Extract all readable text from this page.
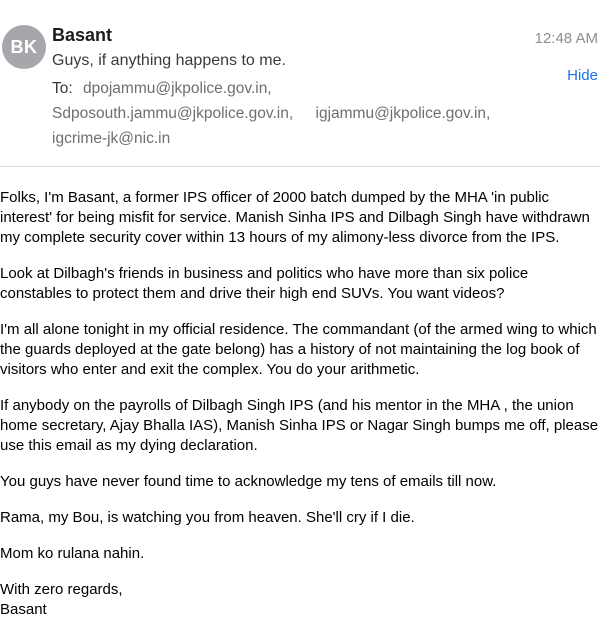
BK
Basant	12:48 AM
Guys, if anything happens to me.
Hide
To: dpojammu@jkpolice.gov.in,
Sdposouth.jammu@jkpolice.gov.in, igjammu@jkpolice.gov.in,
igcrime-jk@nic.in

Folks, I'm Basant, a former IPS officer of 2000 batch dumped by the MHA 'in public interest' for being misfit for service. Manish Sinha IPS and Dilbagh Singh have withdrawn my complete security cover within 13 hours of my alimony-less divorce from the IPS.

Look at Dilbagh's friends in business and politics who have more than six police constables to protect them and drive their high end SUVs. You want videos?

I'm all alone tonight in my official residence. The commandant (of the armed wing to which the guards deployed at the gate belong) has a history of not maintaining the log book of visitors who enter and exit the complex. You do your arithmetic.

If anybody on the payrolls of Dilbagh Singh IPS (and his mentor in the MHA , the union home secretary, Ajay Bhalla IAS), Manish Sinha IPS or Nagar Singh bumps me off, please use this email as my dying declaration.

You guys have never found time to acknowledge my tens of emails till now.

Rama, my Bou, is watching you from heaven. She'll cry if I die.

Mom ko rulana nahin.

With zero regards,

Basant
